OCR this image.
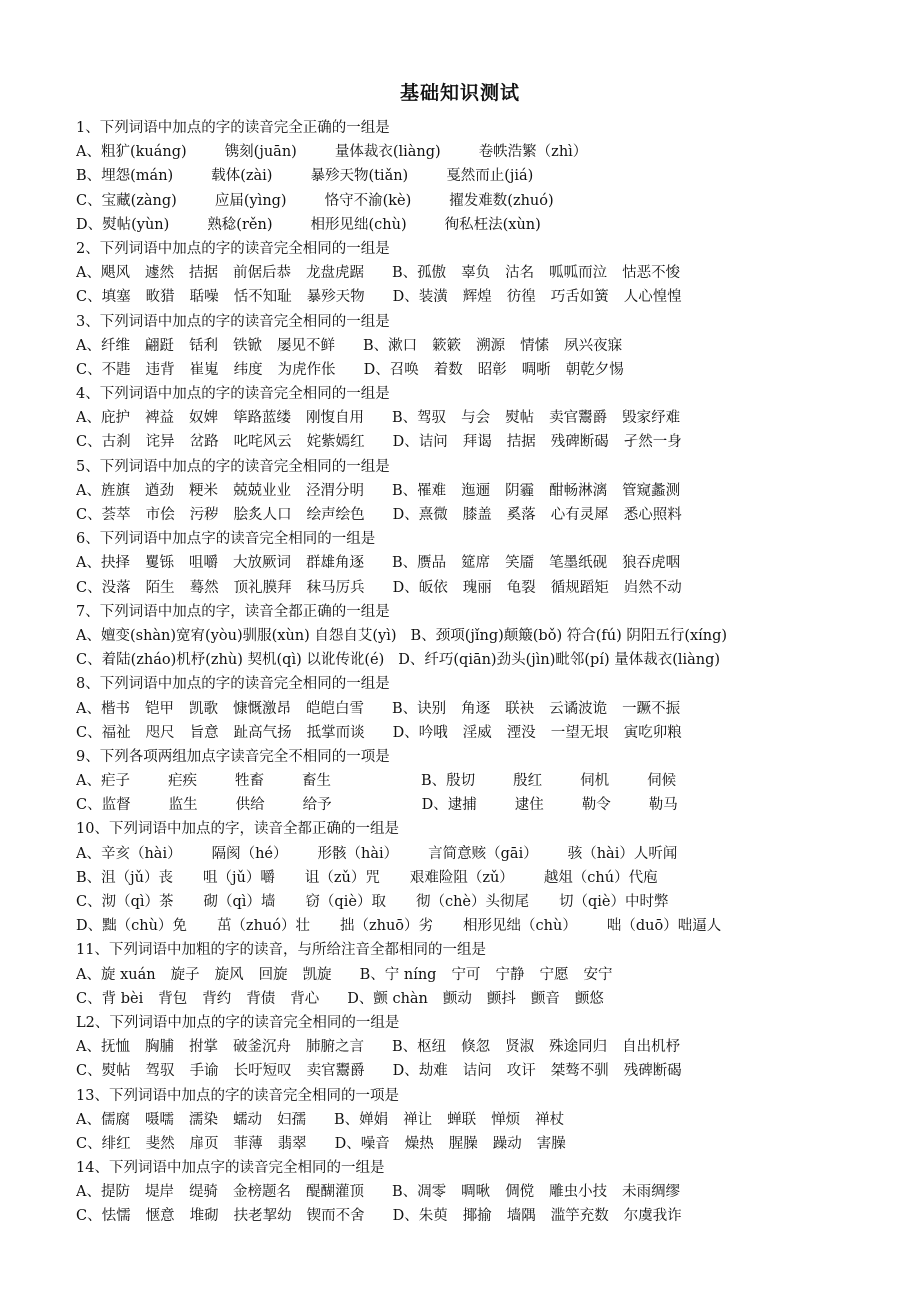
基础知识测试
1、下列词语中加点的字的读音完全正确的一组是
A、粗犷(kuáng)	镌刻(juān)	量体裁衣(liàng)	卷帙浩繁（zhì）
B、埋怨(mán)	载体(zài)	暴殄天物(tiǎn)	戛然而止(jiá)
C、宝藏(zàng)	应届(yìng)	恪守不渝(kè)	擢发难数(zhuó)
D、熨帖(yùn)	熟稔(rěn)	相形见绌(chù)	徇私枉法(xùn)
2、下列词语中加点的字的读音完全相同的一组是
A、飓风 遽然 拮据 前倨后恭 龙盘虎踞 B、孤傲 辜负 沽名 呱呱而泣 怙恶不悛
C、填塞 畋猎 聒噪 恬不知耻 暴殄天物 D、装潢 辉煌 彷徨 巧舌如簧 人心惶惶
3、下列词语中加点的字的读音完全相同的一组是
A、纤维 翩跹 铦利 铁锨 屡见不鲜 B、漱口 簌簌 溯源 情愫 夙兴夜寐
C、不韪 违背 崔嵬 纬度 为虎作伥 D、召唤 着数 昭彰 啁哳 朝乾夕惕
4、下列词语中加点的字的读音完全相同的一组是
A、庇护 裨益 奴婢 筚路蓝缕 刚愎自用 B、驾驭 与会 熨帖 卖官鬻爵 毁家纾难
C、古刹 诧异 岔路 叱咤风云 姹紫嫣红 D、诘问 拜谒 拮据 残碑断碣 孑然一身
5、下列词语中加点的字的读音完全相同的一组是
A、旌旗 遒劲 粳米 兢兢业业 泾渭分明 B、罹难 迤逦 阴霾 酣畅淋漓 管窥蠡测
C、荟萃 市侩 污秽 脍炙人口 绘声绘色 D、熹微 膝盖 奚落 心有灵犀 悉心照料
6、下列词语中加点字的读音完全相同的一组是
A、抉择 矍铄 咀嚼 大放厥词 群雄角逐 B、赝品 筵席 笑靥 笔墨纸砚 狼吞虎咽
C、没落 陌生 蓦然 顶礼膜拜 秣马厉兵 D、皈依 瑰丽 龟裂 循规蹈矩 岿然不动
7、下列词语中加点的字，读音全都正确的一组是
A、嬗变(shàn)宽宥(yòu)驯服(xùn) 自怨自艾(yì) B、颈项(jǐng)颠簸(bǒ) 符合(fú) 阴阳五行(xíng)
C、着陆(zháo)机杼(zhù) 契机(qì) 以讹传讹(é) D、纤巧(qiān)劲头(jìn)毗邻(pí) 量体裁衣(liàng)
8、下列词语中加点的字的读音完全相同的一组是
A、楷书 铠甲 凯歌 慷慨激昂 皑皑白雪 B、诀别 角逐 联袂 云谲波诡 一蹶不振
C、福祉 咫尺 旨意 趾高气扬 抵掌而谈 D、吟哦 淫威 湮没 一望无垠 寅吃卯粮
9、下列各项两组加点字读音完全不相同的一项是
A、疟子	疟疾	牲畜	畜生	B、殷切	殷红	伺机	伺候
C、监督	监生	供给	给予	D、逮捕	逮住	勒令	勒马
10、下列词语中加点的字，读音全都正确的一组是
A、辛亥（hài） 隔阂（hé） 形骸（hài） 言简意赅（gāi） 骇（hài）人听闻
B、沮（jǔ）丧 咀（jǔ）嚼 诅（zǔ）咒 艰难险阻（zǔ） 越俎（chú）代庖
C、沏（qì）茶 砌（qì）墙 窃（qiè）取 彻（chè）头彻尾 切（qiè）中时弊
D、黜（chù）免 茁（zhuó）壮 拙（zhuō）劣 相形见绌（chù） 咄（duō）咄逼人
11、下列词语中加粗的字的读音，与所给注音全都相同的一组是
A、旋 xuán 旋子 旋风 回旋 凯旋 B、宁 níng 宁可 宁静 宁愿 安宁
C、背 bèi 背包 背约 背债 背心 D、颤 chàn 颤动 颤抖 颤音 颤悠
L2、下列词语中加点的字的读音完全相同的一组是
A、抚恤 胸脯 拊掌 破釜沉舟 肺腑之言 B、枢纽 倏忽 贤淑 殊途同归 自出机杼
C、熨帖 驾驭 手谕 长吁短叹 卖官鬻爵 D、劫难 诘问 攻讦 桀骜不驯 残碑断碣
13、下列词语中加点的字的读音完全相同的一项是
A、儒腐 嗫嚅 濡染 蠕动 妇孺 B、婵娟 禅让 蝉联 惮烦 禅杖
C、绯红 斐然 扉页 菲薄 翡翠 D、噪音 燥热 腥臊 躁动 害臊
14、下列词语中加点字的读音完全相同的一组是
A、提防 堤岸 缇骑 金榜题名 醍醐灌顶 B、凋零 啁啾 倜傥 雕虫小技 未雨绸缪
C、怯懦 惬意 堆砌 扶老挈幼 锲而不舍 D、朱萸 揶揄 墙隅 滥竽充数 尔虞我诈
